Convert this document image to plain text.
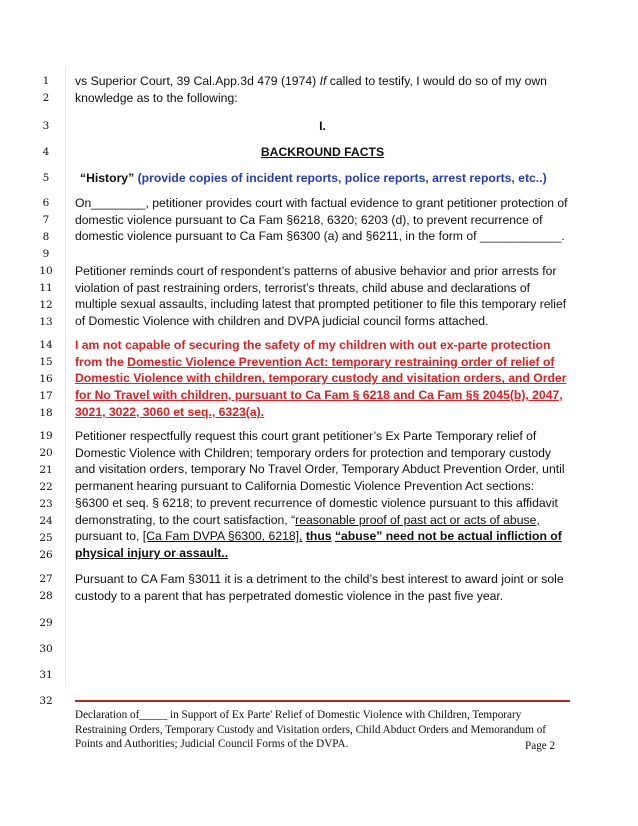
1
2
3
4
5
6
7
8
9
10
11
12
13
14
15
16
17
18
19
20
21
22
23
24
25
26
27
28
29
30
31
32
vs Superior Court, 39 Cal.App.3d 479 (1974) If called to testify, I would do so of my own knowledge as to the following:
I.
BACKROUND FACTS
“History” (provide copies of incident reports, police reports, arrest reports, etc..)
On________, petitioner provides court with factual evidence to grant petitioner protection of domestic violence pursuant to Ca Fam §6218, 6320; 6203 (d), to prevent recurrence of domestic violence pursuant to Ca Fam §6300 (a) and §6211, in the form of ____________.
Petitioner reminds court of respondent’s patterns of abusive behavior and prior arrests for violation of past restraining orders, terrorist’s threats, child abuse and declarations of multiple sexual assaults, including latest that prompted petitioner to file this temporary relief of Domestic Violence with children and DVPA judicial council forms attached.
I am not capable of securing the safety of my children with out ex-parte protection from the Domestic Violence Prevention Act: temporary restraining order of relief of Domestic Violence with children, temporary custody and visitation orders, and Order for No Travel with children, pursuant to Ca Fam § 6218 and Ca Fam §§ 2045(b), 2047, 3021, 3022, 3060 et seq., 6323(a).
Petitioner respectfully request this court grant petitioner’s Ex Parte Temporary relief of Domestic Violence with Children; temporary orders for protection and temporary custody and visitation orders, temporary No Travel Order, Temporary Abduct Prevention Order, until permanent hearing pursuant to California Domestic Violence Prevention Act sections: §6300 et seq. § 6218; to prevent recurrence of domestic violence pursuant to this affidavit demonstrating, to the court satisfaction, “reasonable proof of past act or acts of abuse, pursuant to, [Ca Fam DVPA §6300, 6218], thus “abuse” need not be actual infliction of physical injury or assault..
Pursuant to CA Fam §3011 it is a detriment to the child’s best interest to award joint or sole custody to a parent that has perpetrated domestic violence in the past five year.
Declaration of_____ in Support of Ex Parte' Relief of Domestic Violence with Children, Temporary Restraining Orders, Temporary Custody and Visitation orders, Child Abduct Orders and Memorandum of Points and Authorities; Judicial Council Forms of the DVPA.	Page 2
